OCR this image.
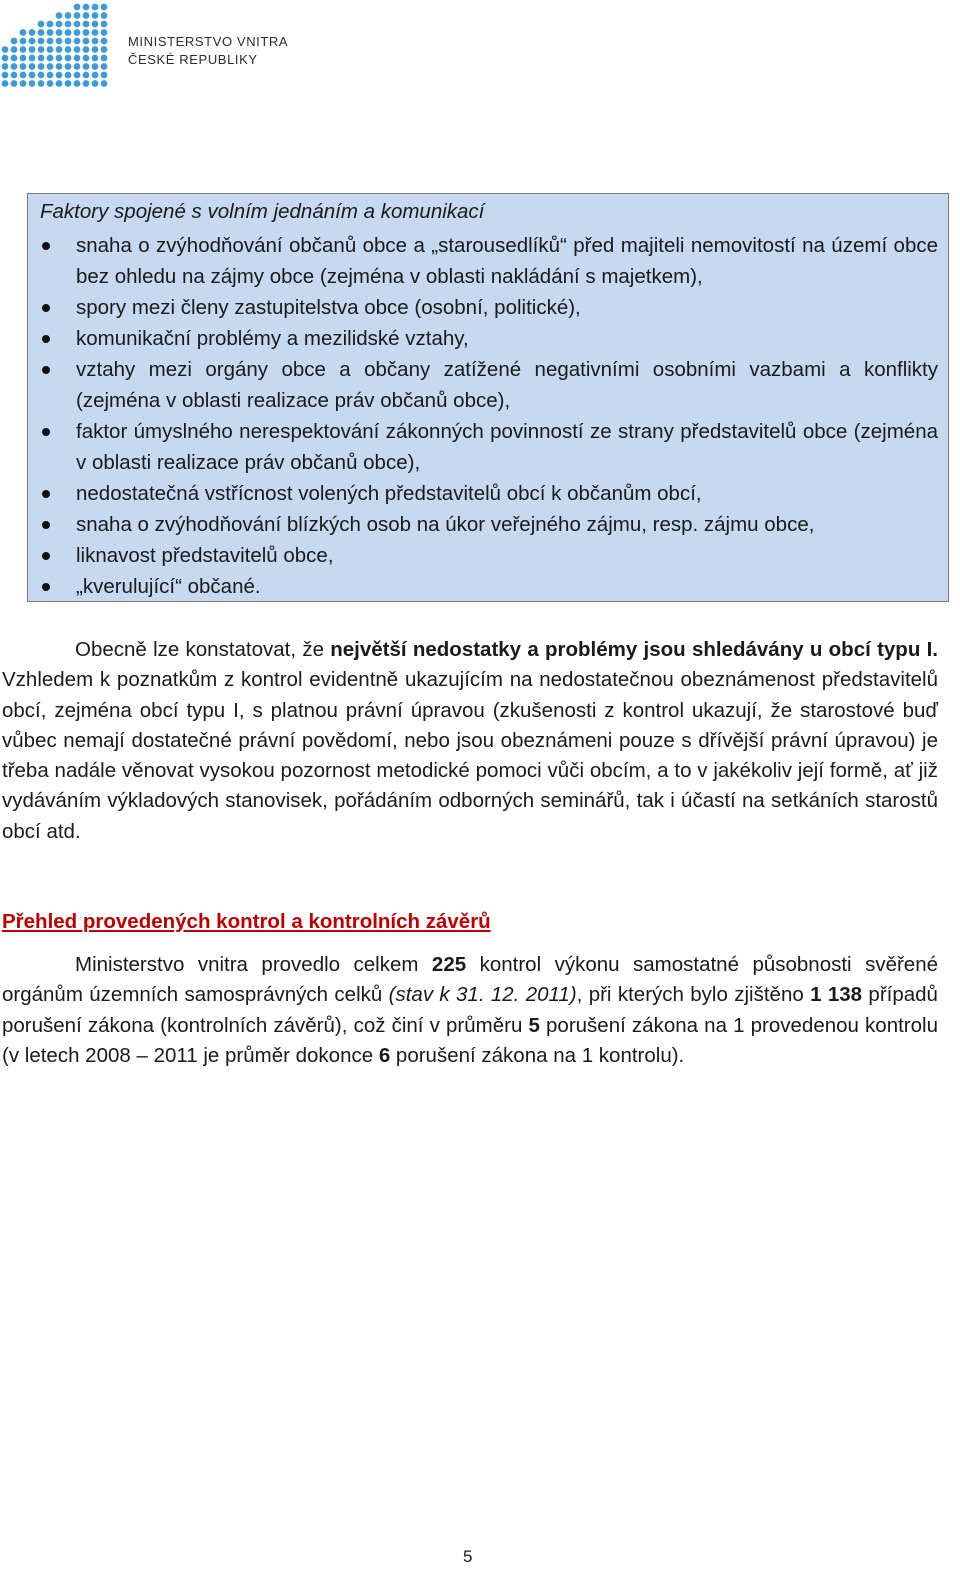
MINISTERSTVO VNITRA
ČESKÉ REPUBLIKY
Faktory spojené s volním jednáním a komunikací
snaha o zvýhodňování občanů obce a „starousedlíků“ před majiteli nemovitostí na území obce bez ohledu na zájmy obce (zejména v oblasti nakládání s majetkem),
spory mezi členy zastupitelstva obce (osobní, politické),
komunikační problémy a mezilidské vztahy,
vztahy mezi orgány obce a občany zatížené negativními osobními vazbami a konflikty (zejména v oblasti realizace práv občanů obce),
faktor úmyslného nerespektování zákonných povinností ze strany představitelů obce (zejména v oblasti realizace práv občanů obce),
nedostatečná vstřícnost volených představitelů obcí k občanům obcí,
snaha o zvýhodňování blízkých osob na úkor veřejného zájmu, resp. zájmu obce,
liknavost představitelů obce,
„kverulující“ občané.

Obecně lze konstatovat, že největší nedostatky a problémy jsou shledávány u obcí typu I. Vzhledem k poznatkům z kontrol evidentně ukazujícím na nedostatečnou obeznámenost představitelů obcí, zejména obcí typu I, s platnou právní úpravou (zkušenosti z kontrol ukazují, že starostové buď vůbec nemají dostatečné právní povědomí, nebo jsou obeznámeni pouze s dřívější právní úpravou) je třeba nadále věnovat vysokou pozornost metodické pomoci vůči obcím, a to v jakékoliv její formě, ať již vydáváním výkladových stanovisek, pořádáním odborných seminářů, tak i účastí na setkáních starostů obcí atd.

Přehled provedených kontrol a kontrolních závěrů

Ministerstvo vnitra provedlo celkem 225 kontrol výkonu samostatné působnosti svěřené orgánům územních samosprávných celků (stav k 31. 12. 2011), při kterých bylo zjištěno 1 138 případů porušení zákona (kontrolních závěrů), což činí v průměru 5 porušení zákona na 1 provedenou kontrolu (v letech 2008 – 2011 je průměr dokonce 6 porušení zákona na 1 kontrolu).

5
